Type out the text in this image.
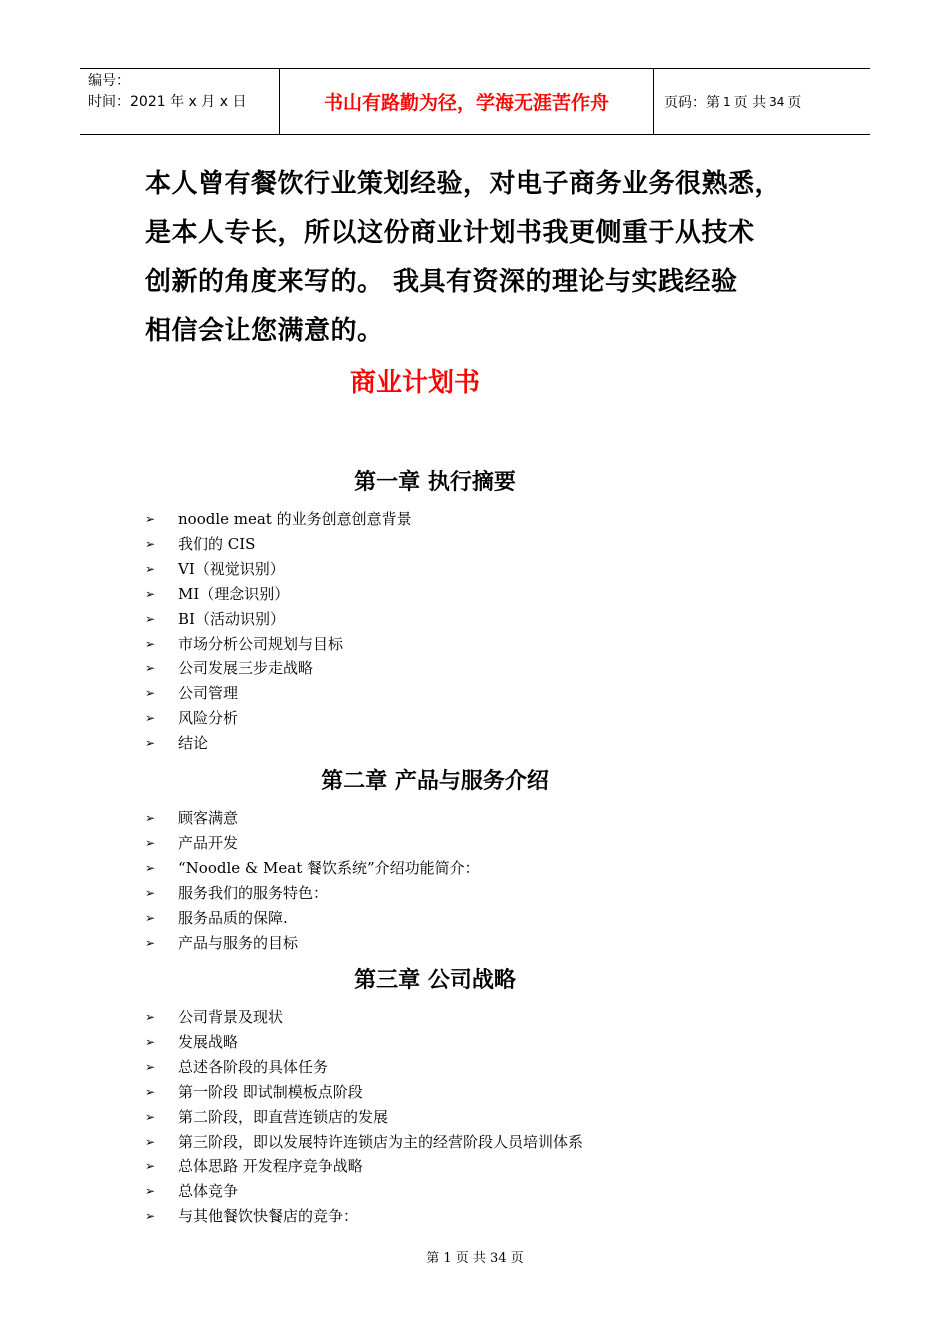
编号：
时间：2021 年 x 月 x 日	书山有路勤为径，学海无涯苦作舟	页码：第 1 页 共 34 页
本人曾有餐饮行业策划经验，对电子商务业务很熟悉，
是本人专长，所以这份商业计划书我更侧重于从技术
创新的角度来写的。 我具有资深的理论与实践经验
相信会让您满意的。
商业计划书
第一章 执行摘要
➢	noodle meat 的业务创意创意背景
➢	我们的 CIS
➢	VI（视觉识别）
➢	MI（理念识别）
➢	BI（活动识别）
➢	市场分析公司规划与目标
➢	公司发展三步走战略
➢	公司管理
➢	风险分析
➢	结论
第二章 产品与服务介绍
➢	顾客满意
➢	产品开发
➢	“Noodle & Meat 餐饮系统”介绍功能简介：
➢	服务我们的服务特色：
➢	服务品质的保障.
➢	产品与服务的目标
第三章 公司战略
➢	公司背景及现状
➢	发展战略
➢	总述各阶段的具体任务
➢	第一阶段 即试制模板点阶段
➢	第二阶段，即直营连锁店的发展
➢	第三阶段，即以发展特许连锁店为主的经营阶段人员培训体系
➢	总体思路 开发程序竞争战略
➢	总体竞争
➢	与其他餐饮快餐店的竞争：
第 1 页 共 34 页
